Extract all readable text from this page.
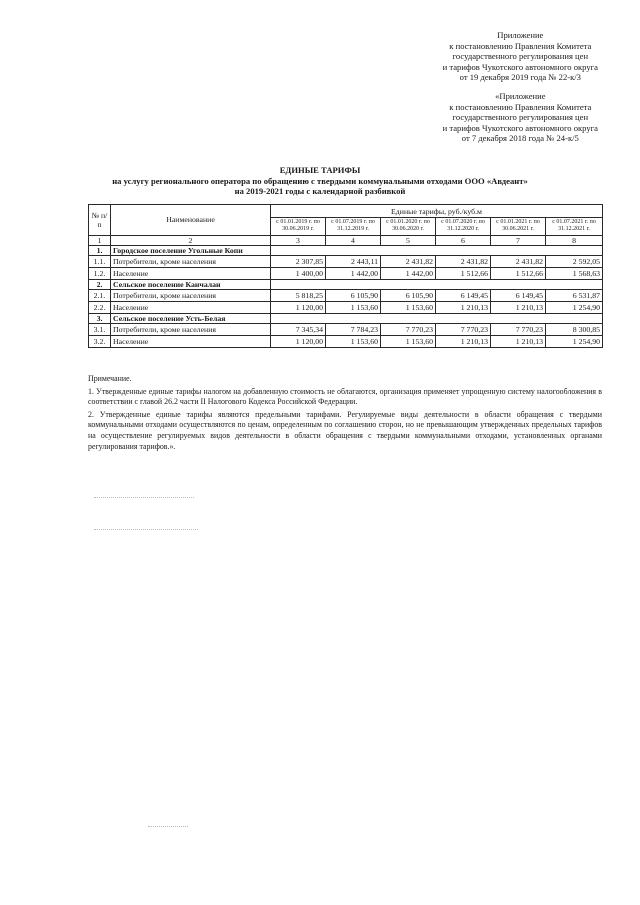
Приложение
к постановлению Правления Комитета
государственного регулирования цен
и тарифов Чукотского автономного округа
от 19 декабря 2019 года № 22-к/3
«Приложение
к постановлению Правления Комитета
государственного регулирования цен
и тарифов Чукотского автономного округа
от 7 декабря 2018 года № 24-к/5
ЕДИНЫЕ ТАРИФЫ
на услугу регионального оператора по обращению с твердыми коммунальными отходами ООО «Авдеант»
на 2019-2021 годы с календарной разбивкой
№ п/п	Наименование	Единые тарифы, руб./куб.м					
		с 01.01.2019 г. по 30.06.2019 г.	с 01.07.2019 г. по 31.12.2019 г.	с 01.01.2020 г. по 30.06.2020 г.	с 01.07.2020 г. по 31.12.2020 г.	с 01.01.2021 г. по 30.06.2021 г.	с 01.07.2021 г. по 31.12.2021 г.
1	2	3	4	5	6	7	8
1.	Городское поселение Угольные Копи						
1.1.	Потребители, кроме населения	2 307,85	2 443,11	2 431,82	2 431,82	2 431,82	2 592,05
1.2.	Население	1 400,00	1 442,00	1 442,00	1 512,66	1 512,66	1 568,63
2.	Сельское поселение Канчалан						
2.1.	Потребители, кроме населения	5 818,25	6 105,90	6 105,90	6 149,45	6 149,45	6 531,87
2.2.	Население	1 120,00	1 153,60	1 153,60	1 210,13	1 210,13	1 254,90
3.	Сельское поселение Усть-Белая						
3.1.	Потребители, кроме населения	7 345,34	7 784,23	7 770,23	7 770,23	7 770,23	8 300,85
3.2.	Население	1 120,00	1 153,60	1 153,60	1 210,13	1 210,13	1 254,90

Примечание.

1. Утвержденные единые тарифы налогом на добавленную стоимость не облагаются, организация применяет упрощенную систему налогообложения в соответствии с главой 26.2 части II Налогового Кодекса Российской Федерации.

2. Утвержденные единые тарифы являются предельными тарифами. Регулируемые виды деятельности в области обращения с твердыми коммунальными отходами осуществляются по ценам, определенным по соглашению сторон, но не превышающим утвержденных предельных тарифов на осуществление регулируемых видов деятельности в области обращения с твердыми коммунальными отходами, установленных органами регулирования тарифов.».
